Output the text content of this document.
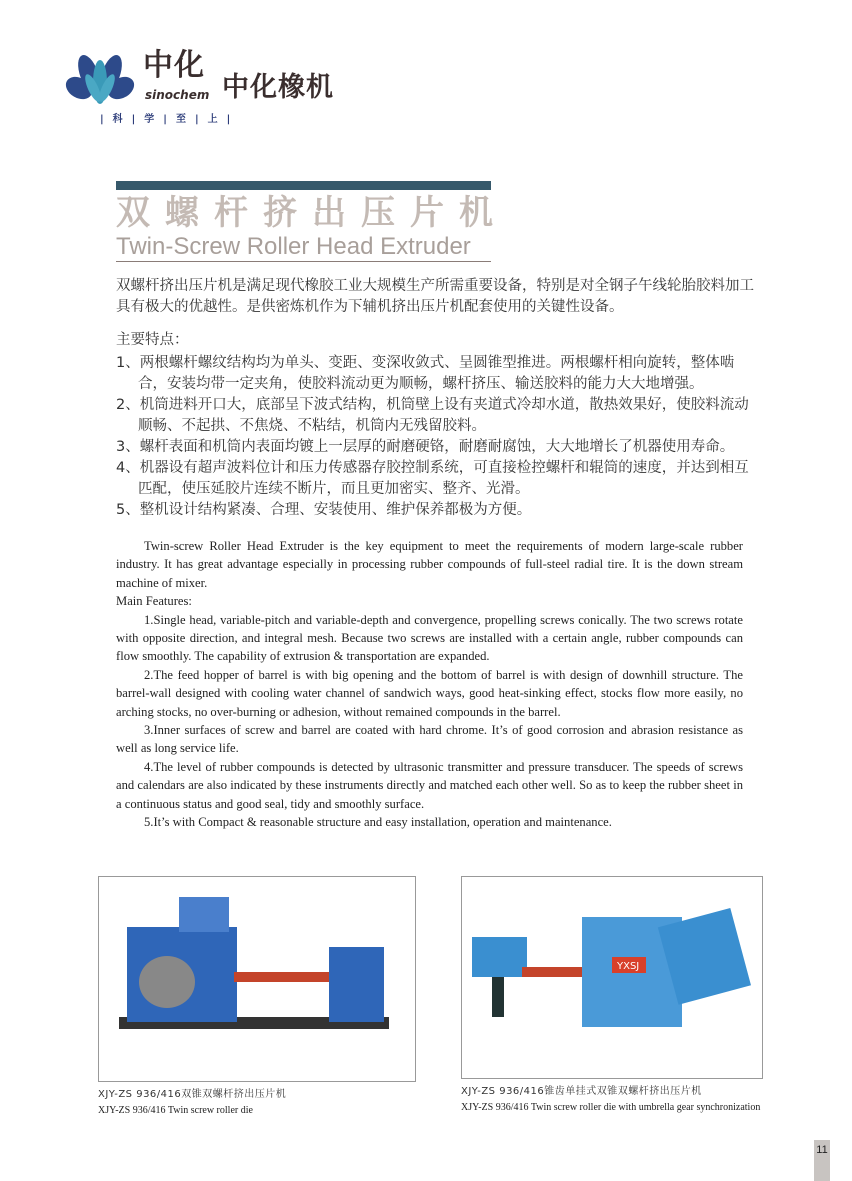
中化
sinochem 中化橡机
|科|学|至|上|
双螺杆挤出压片机
Twin-Screw Roller Head Extruder
双螺杆挤出压片机是满足现代橡胶工业大规模生产所需重要设备，特别是对全钢子午线轮胎胶料加工具有极大的优越性。是供密炼机作为下辅机挤出压片机配套使用的关键性设备。
主要特点：
1、两根螺杆螺纹结构均为单头、变距、变深收敛式、呈圆锥型推进。两根螺杆相向旋转，整体啮合，安装均带一定夹角，使胶料流动更为顺畅，螺杆挤压、输送胶料的能力大大地增强。
2、机筒进料开口大，底部呈下波式结构，机筒壁上设有夹道式冷却水道，散热效果好，使胶料流动顺畅、不起拱、不焦烧、不粘结，机筒内无残留胶料。
3、螺杆表面和机筒内表面均镀上一层厚的耐磨硬铬，耐磨耐腐蚀，大大地增长了机器使用寿命。
4、机器设有超声波料位计和压力传感器存胶控制系统，可直接检控螺杆和辊筒的速度，并达到相互匹配，使压延胶片连续不断片，而且更加密实、整齐、光滑。
5、整机设计结构紧凑、合理、安装使用、维护保养都极为方便。

Twin-screw Roller Head Extruder is the key equipment to meet the requirements of modern large-scale rubber industry. It has great advantage especially in processing rubber compounds of full-steel radial tire. It is the down stream machine of mixer.

Main Features:

1.Single head, variable-pitch and variable-depth and convergence, propelling screws conically. The two screws rotate with opposite direction, and integral mesh. Because two screws are installed with a certain angle, rubber compounds can flow smoothly. The capability of extrusion & transportation are expanded.

2.The feed hopper of barrel is with big opening and the bottom of barrel is with design of downhill structure. The barrel-wall designed with cooling water channel of sandwich ways, good heat-sinking effect, stocks flow more easily, no arching stocks, no over-burning or adhesion, without remained compounds in the barrel.

3.Inner surfaces of screw and barrel are coated with hard chrome. It’s of good corrosion and abrasion resistance as well as long service life.

4.The level of rubber compounds is detected by ultrasonic transmitter and pressure transducer. The speeds of screws and calendars are also indicated by these instruments directly and matched each other well. So as to keep the rubber sheet in a continuous status and good seal, tidy and smoothly surface.

5.It’s with Compact & reasonable structure and easy installation, operation and maintenance.

XJY-ZS 936/416双锥双螺杆挤出压片机
XJY-ZS 936/416 Twin screw roller die
YXSJ
XJY-ZS 936/416锥齿单挂式双锥双螺杆挤出压片机
XJY-ZS 936/416 Twin screw roller die with umbrella gear synchronization
11
